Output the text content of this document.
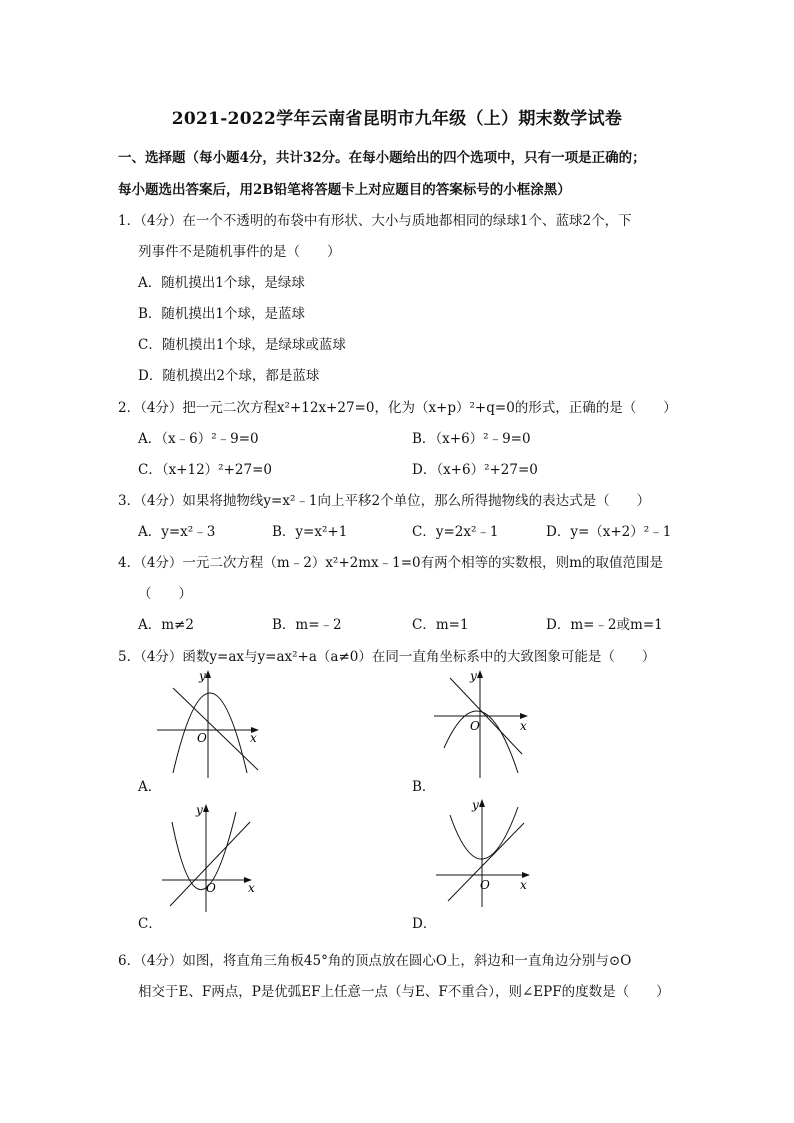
2021-2022学年云南省昆明市九年级（上）期末数学试卷
一、选择题（每小题4分，共计32分。在每小题给出的四个选项中，只有一项是正确的；
每小题选出答案后，用2B铅笔将答题卡上对应题目的答案标号的小框涂黑）
1．（4分）在一个不透明的布袋中有形状、大小与质地都相同的绿球1个、蓝球2个，下
列事件不是随机事件的是（　　）
A．随机摸出1个球，是绿球
B．随机摸出1个球，是蓝球
C．随机摸出1个球，是绿球或蓝球
D．随机摸出2个球，都是蓝球
2．（4分）把一元二次方程x²+12x+27=0，化为（x+p）²+q=0的形式，正确的是（　　）
A．（x﹣6）²﹣9=0	B．（x+6）²﹣9=0
C．（x+12）²+27=0	D．（x+6）²+27=0
3．（4分）如果将抛物线y=x²﹣1向上平移2个单位，那么所得抛物线的表达式是（　　）
A．y=x²﹣3	B．y=x²+1	C．y=2x²﹣1	D．y=（x+2）²﹣1
4．（4分）一元二次方程（m﹣2）x²+2mx﹣1=0有两个相等的实数根，则m的取值范围是
（　　）
A．m≠2	B．m=﹣2	C．m=1	D．m=﹣2或m=1
5．（4分）函数y=ax与y=ax²+a（a≠0）在同一直角坐标系中的大致图象可能是（　　）
O	x
y
A．
O	x
y
B．
O	x
y
C．
O	x
y
D．
6．（4分）如图，将直角三角板45°角的顶点放在圆心O上，斜边和一直角边分别与⊙O
相交于E、F两点，P是优弧EF上任意一点（与E、F不重合），则∠EPF的度数是（　　）
